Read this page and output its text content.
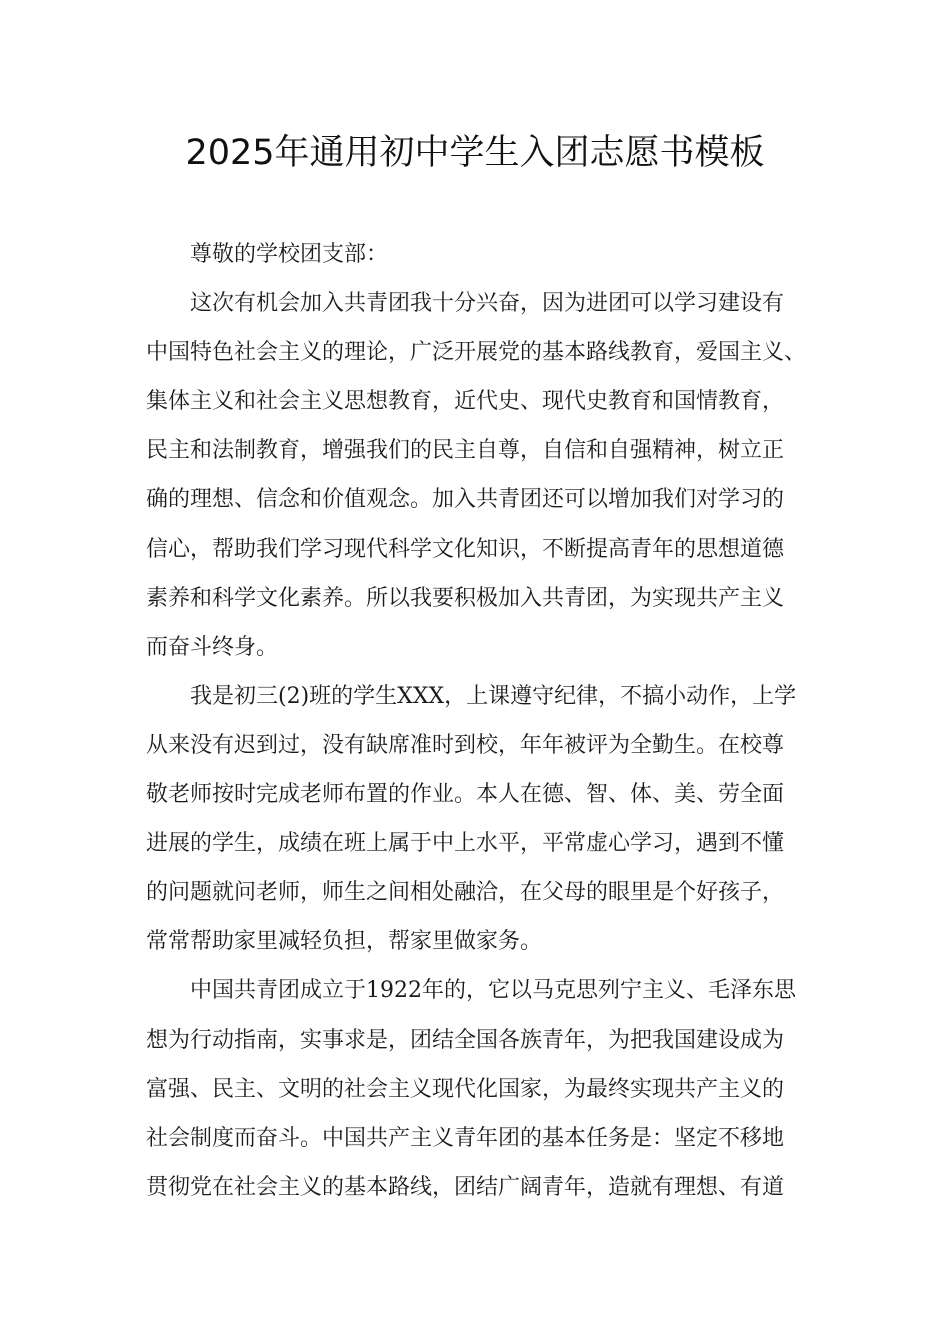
2025年通用初中学生入团志愿书模板

尊敬的学校团支部：

这次有机会加入共青团我十分兴奋，因为进团可以学习建设有
中国特色社会主义的理论，广泛开展党的基本路线教育，爱国主义、
集体主义和社会主义思想教育，近代史、现代史教育和国情教育，
民主和法制教育，增强我们的民主自尊，自信和自强精神，树立正
确的理想、信念和价值观念。加入共青团还可以增加我们对学习的
信心，帮助我们学习现代科学文化知识，不断提高青年的思想道德
素养和科学文化素养。所以我要积极加入共青团，为实现共产主义
而奋斗终身。
我是初三(2)班的学生XXX，上课遵守纪律，不搞小动作，上学
从来没有迟到过，没有缺席准时到校，年年被评为全勤生。在校尊
敬老师按时完成老师布置的作业。本人在德、智、体、美、劳全面
进展的学生，成绩在班上属于中上水平，平常虚心学习，遇到不懂
的问题就问老师，师生之间相处融洽，在父母的眼里是个好孩子，
常常帮助家里减轻负担，帮家里做家务。
中国共青团成立于1922年的，它以马克思列宁主义、毛泽东思
想为行动指南，实事求是，团结全国各族青年，为把我国建设成为
富强、民主、文明的社会主义现代化国家，为最终实现共产主义的
社会制度而奋斗。中国共产主义青年团的基本任务是：坚定不移地
贯彻党在社会主义的基本路线，团结广阔青年，造就有理想、有道
